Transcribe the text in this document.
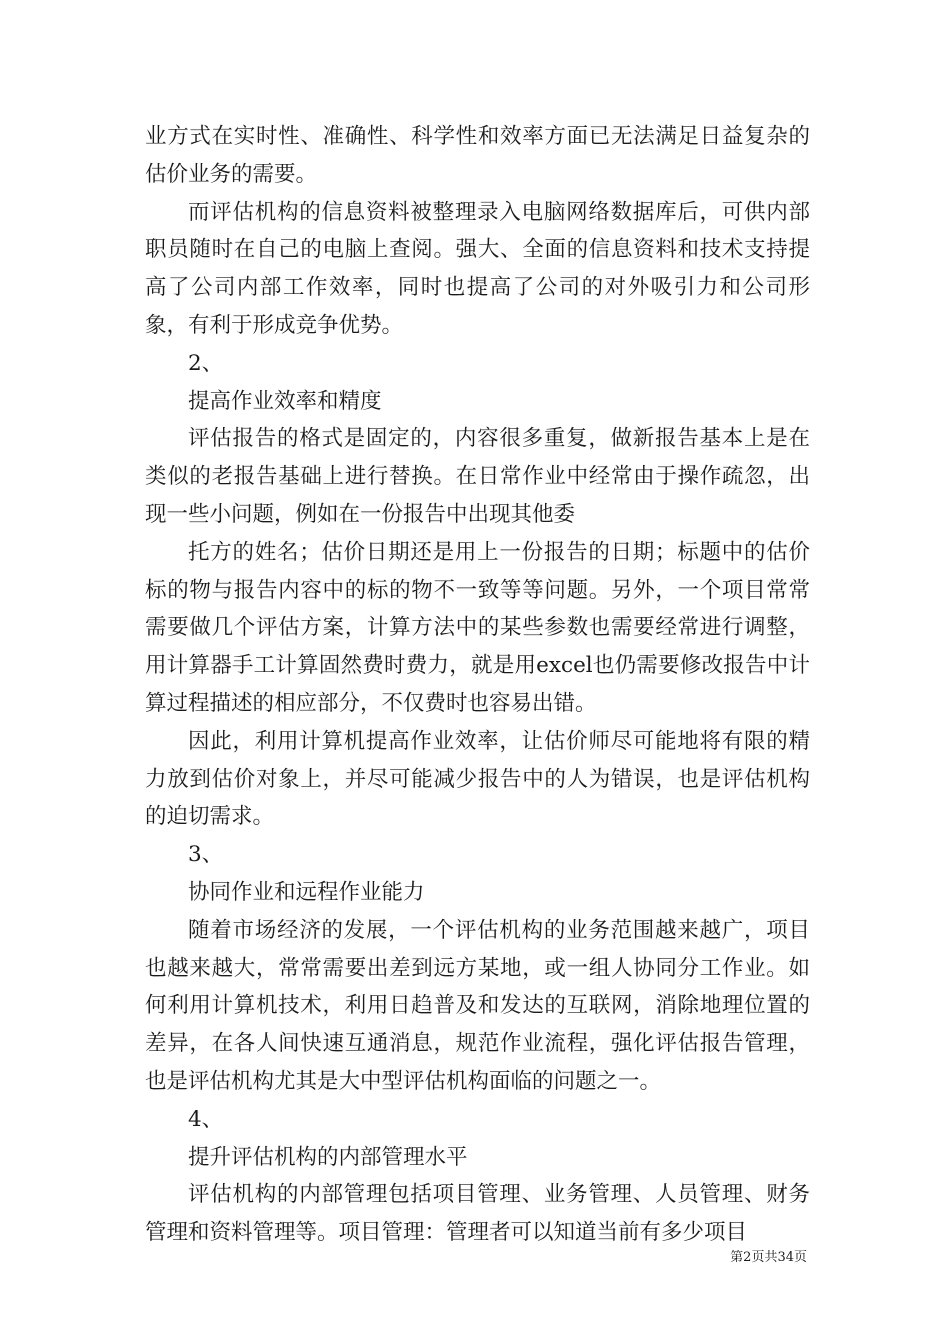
业方式在实时性、准确性、科学性和效率方面已无法满足日益复杂的估价业务的需要。

而评估机构的信息资料被整理录入电脑网络数据库后，可供内部职员随时在自己的电脑上查阅。强大、全面的信息资料和技术支持提高了公司内部工作效率，同时也提高了公司的对外吸引力和公司形象，有利于形成竞争优势。

2、

提高作业效率和精度

评估报告的格式是固定的，内容很多重复，做新报告基本上是在类似的老报告基础上进行替换。在日常作业中经常由于操作疏忽，出现一些小问题，例如在一份报告中出现其他委

托方的姓名；估价日期还是用上一份报告的日期；标题中的估价标的物与报告内容中的标的物不一致等等问题。另外，一个项目常常需要做几个评估方案，计算方法中的某些参数也需要经常进行调整，用计算器手工计算固然费时费力，就是用excel也仍需要修改报告中计算过程描述的相应部分，不仅费时也容易出错。

因此，利用计算机提高作业效率，让估价师尽可能地将有限的精力放到估价对象上，并尽可能减少报告中的人为错误，也是评估机构的迫切需求。

3、

协同作业和远程作业能力

随着市场经济的发展，一个评估机构的业务范围越来越广，项目也越来越大，常常需要出差到远方某地，或一组人协同分工作业。如何利用计算机技术，利用日趋普及和发达的互联网，消除地理位置的差异，在各人间快速互通消息，规范作业流程，强化评估报告管理，也是评估机构尤其是大中型评估机构面临的问题之一。

4、

提升评估机构的内部管理水平

评估机构的内部管理包括项目管理、业务管理、人员管理、财务管理和资料管理等。项目管理：管理者可以知道当前有多少项目

第2页共34页
